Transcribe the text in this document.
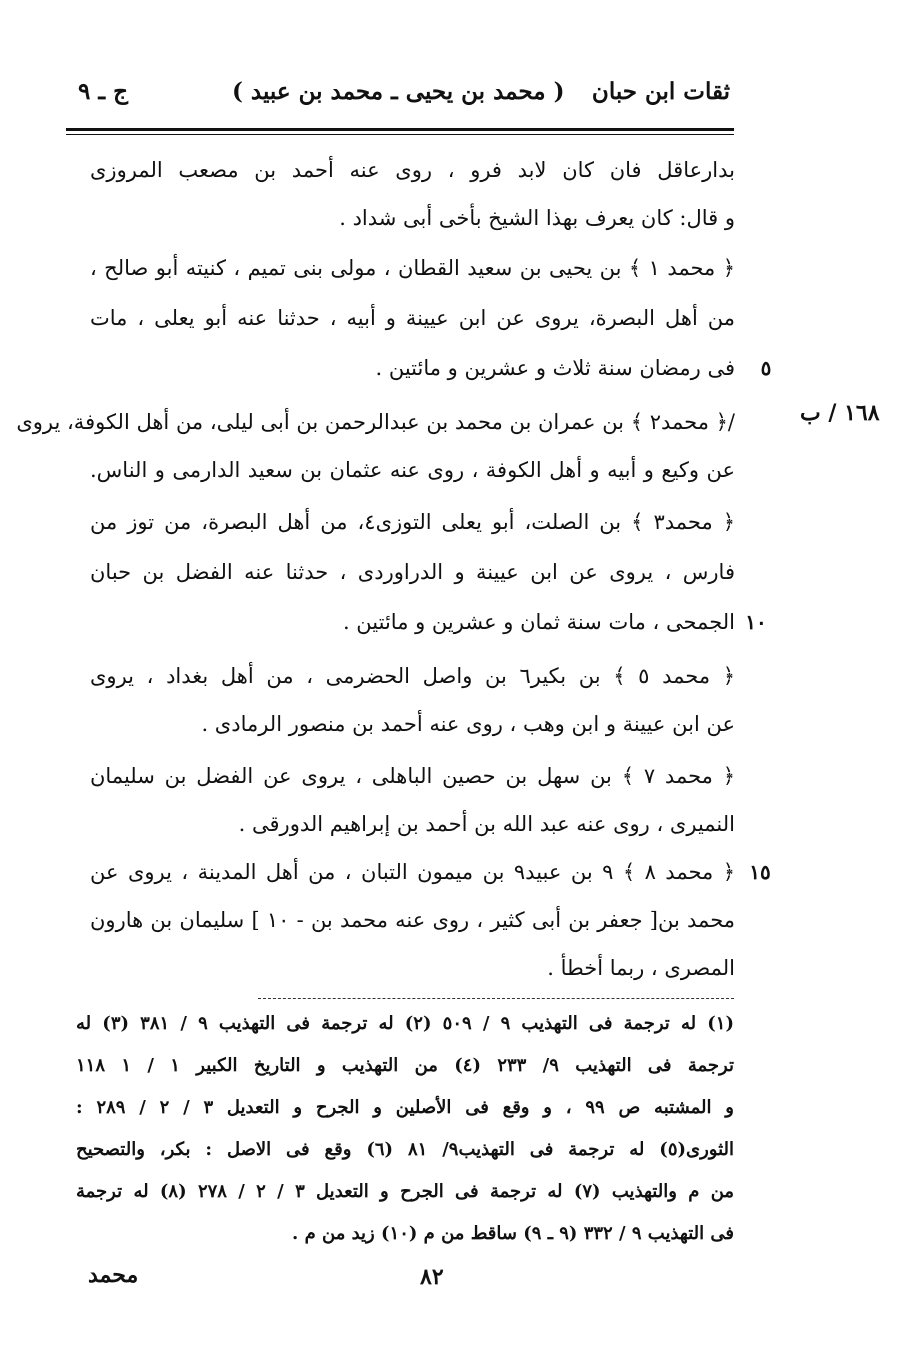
ثقات ابن حبان
( محمد بن يحيى ـ محمد بن عبيد )
ج ـ ٩
١٦٨ / ب
بدارعاقل فان كان لابد فرو ، روى عنه أحمد بن مصعب المروزى
و قال: كان يعرف بهذا الشيخ بأخى أبى شداد .
﴿ محمد ١ ﴾ بن يحيى بن سعيد القطان ، مولى بنى تميم ، كنيته أبو صالح ،
من أهل البصرة، يروى عن ابن عيينة و أبيه ، حدثنا عنه أبو يعلى ، مات
فى رمضان سنة ثلاث و عشرين و مائتين .
/﴿ محمد٢ ﴾ بن عمران بن محمد بن عبدالرحمن بن أبى ليلى، من أهل الكوفة، يروى
عن وكيع و أبيه و أهل الكوفة ، روى عنه عثمان بن سعيد الدارمى و الناس.
﴿ محمد٣ ﴾ بن الصلت، أبو يعلى التوزى٤، من أهل البصرة، من توز من
فارس ، يروى عن ابن عيينة و الدراوردى ، حدثنا عنه الفضل بن حبان
الجمحى ، مات سنة ثمان و عشرين و مائتين .
﴿ محمد ٥ ﴾ بن بكير٦ بن واصل الحضرمى ، من أهل بغداد ، يروى
عن ابن عيينة و ابن وهب ، روى عنه أحمد بن منصور الرمادى .
﴿ محمد ٧ ﴾ بن سهل بن حصين الباهلى ، يروى عن الفضل بن سليمان
النميرى ، روى عنه عبد الله بن أحمد بن إبراهيم الدورقى .
﴿ محمد ٨ ﴾ ٩ بن عبيد٩ بن ميمون التبان ، من أهل المدينة ، يروى عن
محمد بن[ جعفر بن أبى كثير ، روى عنه محمد بن - ١٠ ] سليمان بن هارون
المصرى ، ربما أخطأ .
٥
١٠
١٥
(١) له ترجمة فى التهذيب ٩ / ٥٠٩ (٢) له ترجمة فى التهذيب ٩ / ٣٨١ (٣) له
ترجمة فى التهذيب ٩/ ٢٣٣ (٤) من التهذيب و التاريخ الكبير ١ / ١ ١١٨
و المشتبه ص ٩٩ ، و وقع فى الأصلين و الجرح و التعديل ٣ / ٢ / ٢٨٩ :
الثورى(٥) له ترجمة فى التهذيب٩/ ٨١ (٦) وقع فى الاصل : بكر، والتصحيح
من م والتهذيب (٧) له ترجمة فى الجرح و التعديل ٣ / ٢ / ٢٧٨ (٨) له ترجمة
فى التهذيب ٩ / ٣٣٢ (٩ ـ ٩) ساقط من م (١٠) زيد من م .
٨٢
محمد
